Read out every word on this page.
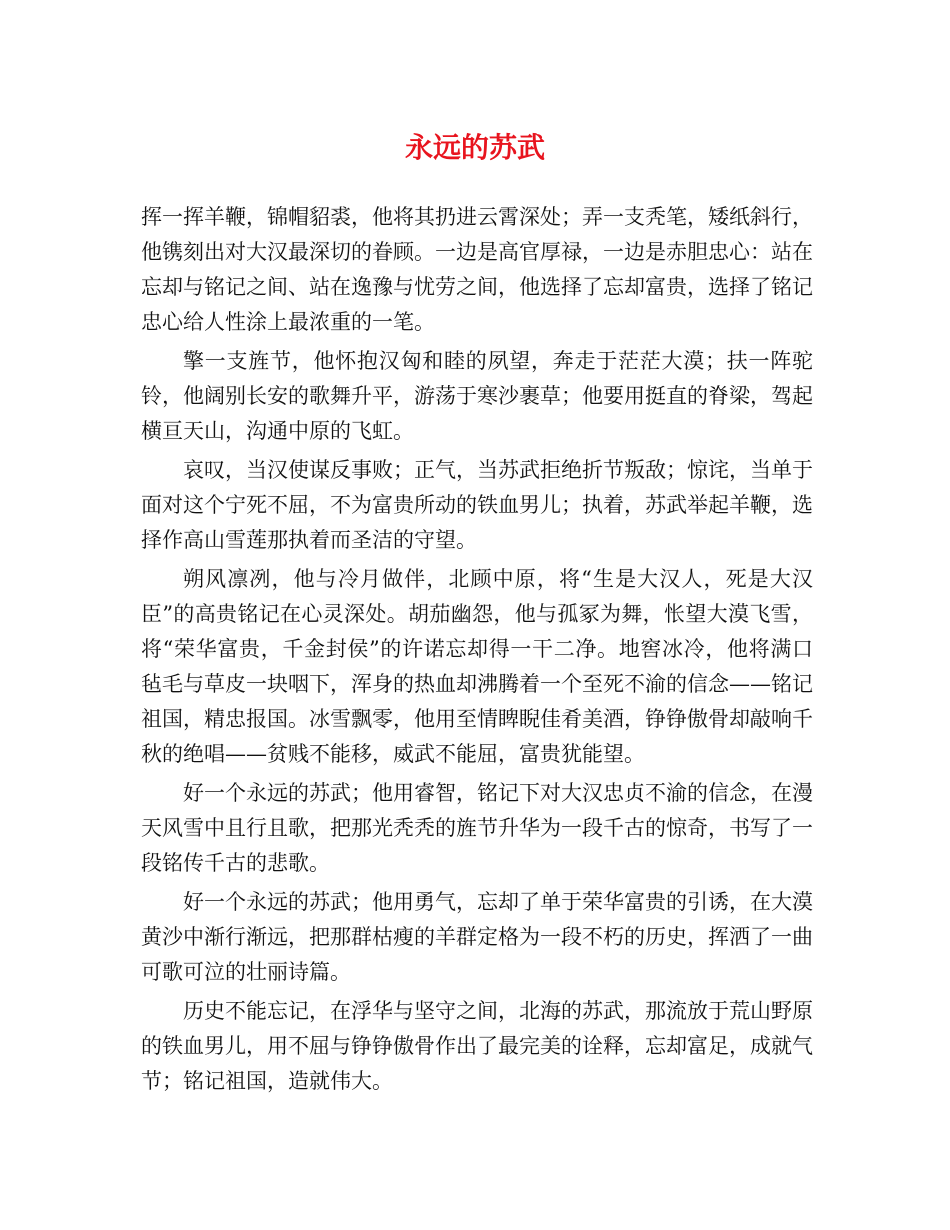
永远的苏武

挥一挥羊鞭，锦帽貂裘，他将其扔进云霄深处；弄一支秃笔，矮纸斜行，他镌刻出对大汉最深切的眷顾。一边是高官厚禄，一边是赤胆忠心：站在忘却与铭记之间、站在逸豫与忧劳之间，他选择了忘却富贵，选择了铭记忠心给人性涂上最浓重的一笔。

擎一支旌节，他怀抱汉匈和睦的夙望，奔走于茫茫大漠；扶一阵驼铃，他阔别长安的歌舞升平，游荡于寒沙裹草；他要用挺直的脊梁，驾起横亘天山，沟通中原的飞虹。

哀叹，当汉使谋反事败；正气，当苏武拒绝折节叛敌；惊诧，当单于面对这个宁死不屈，不为富贵所动的铁血男儿；执着，苏武举起羊鞭，选择作高山雪莲那执着而圣洁的守望。

朔风凛冽，他与冷月做伴，北顾中原，将“生是大汉人，死是大汉臣”的高贵铭记在心灵深处。胡茄幽怨，他与孤冢为舞，怅望大漠飞雪，将“荣华富贵，千金封侯”的许诺忘却得一干二净。地窖冰冷，他将满口毡毛与草皮一块咽下，浑身的热血却沸腾着一个至死不渝的信念——铭记祖国，精忠报国。冰雪飘零，他用至情睥睨佳肴美酒，铮铮傲骨却敲响千秋的绝唱——贫贱不能移，威武不能屈，富贵犹能望。

好一个永远的苏武；他用睿智，铭记下对大汉忠贞不渝的信念，在漫天风雪中且行且歌，把那光秃秃的旌节升华为一段千古的惊奇，书写了一段铭传千古的悲歌。

好一个永远的苏武；他用勇气，忘却了单于荣华富贵的引诱，在大漠黄沙中渐行渐远，把那群枯瘦的羊群定格为一段不朽的历史，挥洒了一曲可歌可泣的壮丽诗篇。

历史不能忘记，在浮华与坚守之间，北海的苏武，那流放于荒山野原的铁血男儿，用不屈与铮铮傲骨作出了最完美的诠释，忘却富足，成就气节；铭记祖国，造就伟大。
